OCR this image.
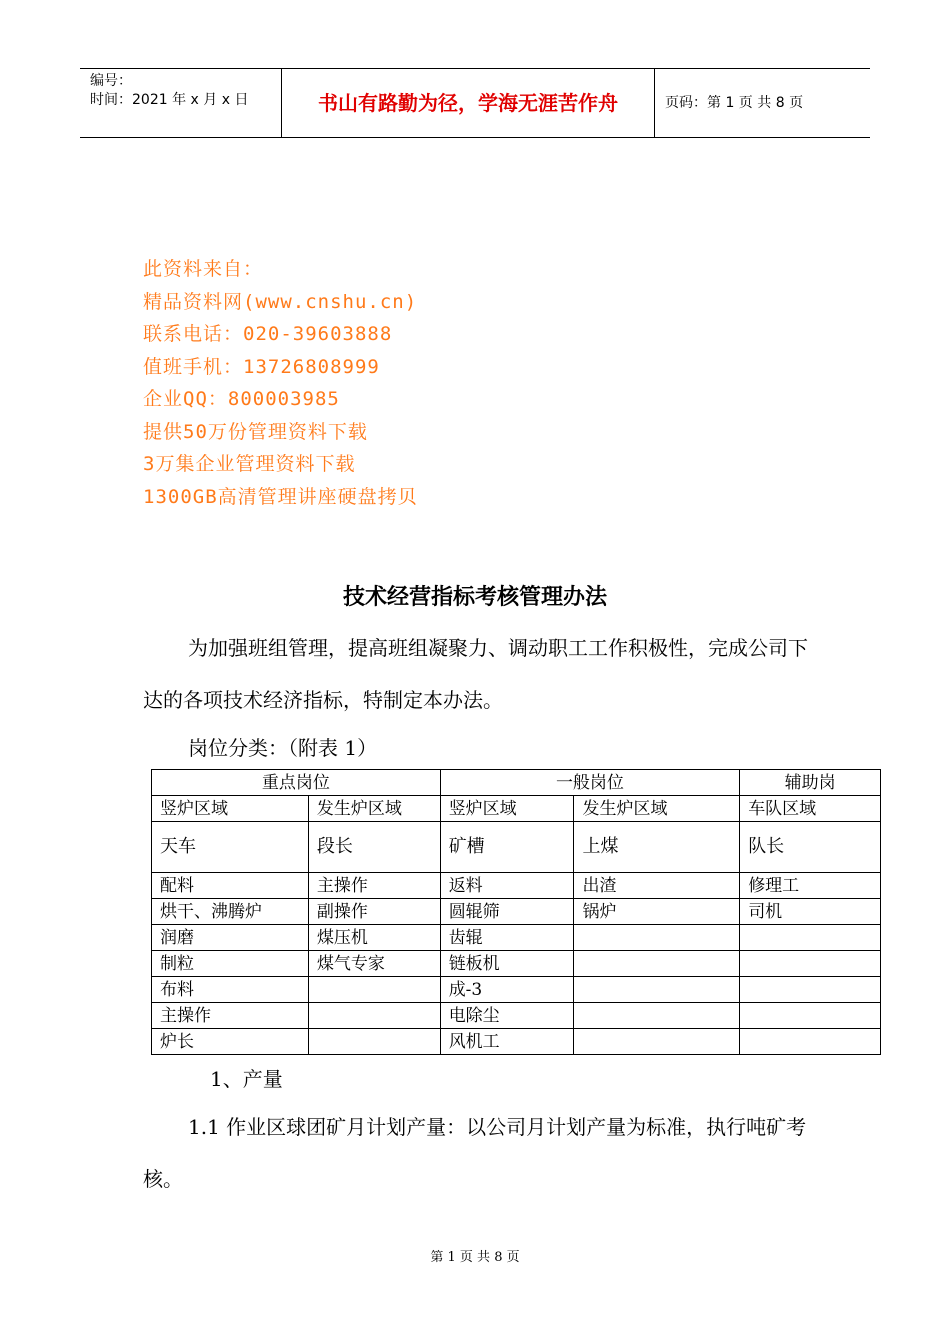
编号：
时间：2021 年 x 月 x 日	书山有路勤为径，学海无涯苦作舟	页码：第 1 页 共 8 页
此资料来自：
精品资料网(www.cnshu.cn)
联系电话：020-39603888
值班手机：13726808999
企业QQ：800003985
提供50万份管理资料下载
3万集企业管理资料下载
1300GB高清管理讲座硬盘拷贝
技术经营指标考核管理办法
为加强班组管理，提高班组凝聚力、调动职工工作积极性，完成公司下达的各项技术经济指标，特制定本办法。
岗位分类：（附表 1）
重点岗位		一般岗位		辅助岗
竖炉区域	发生炉区域	竖炉区域	发生炉区域	车队区域
天车	段长	矿槽	上煤	队长
配料	主操作	返料	出渣	修理工
烘干、沸腾炉	副操作	圆辊筛	锅炉	司机
润磨	煤压机	齿辊		
制粒	煤气专家	链板机		
布料		成-3		
主操作		电除尘		
炉长		风机工		
1、产量
1.1 作业区球团矿月计划产量：以公司月计划产量为标准，执行吨矿考核。
第 1 页 共 8 页
